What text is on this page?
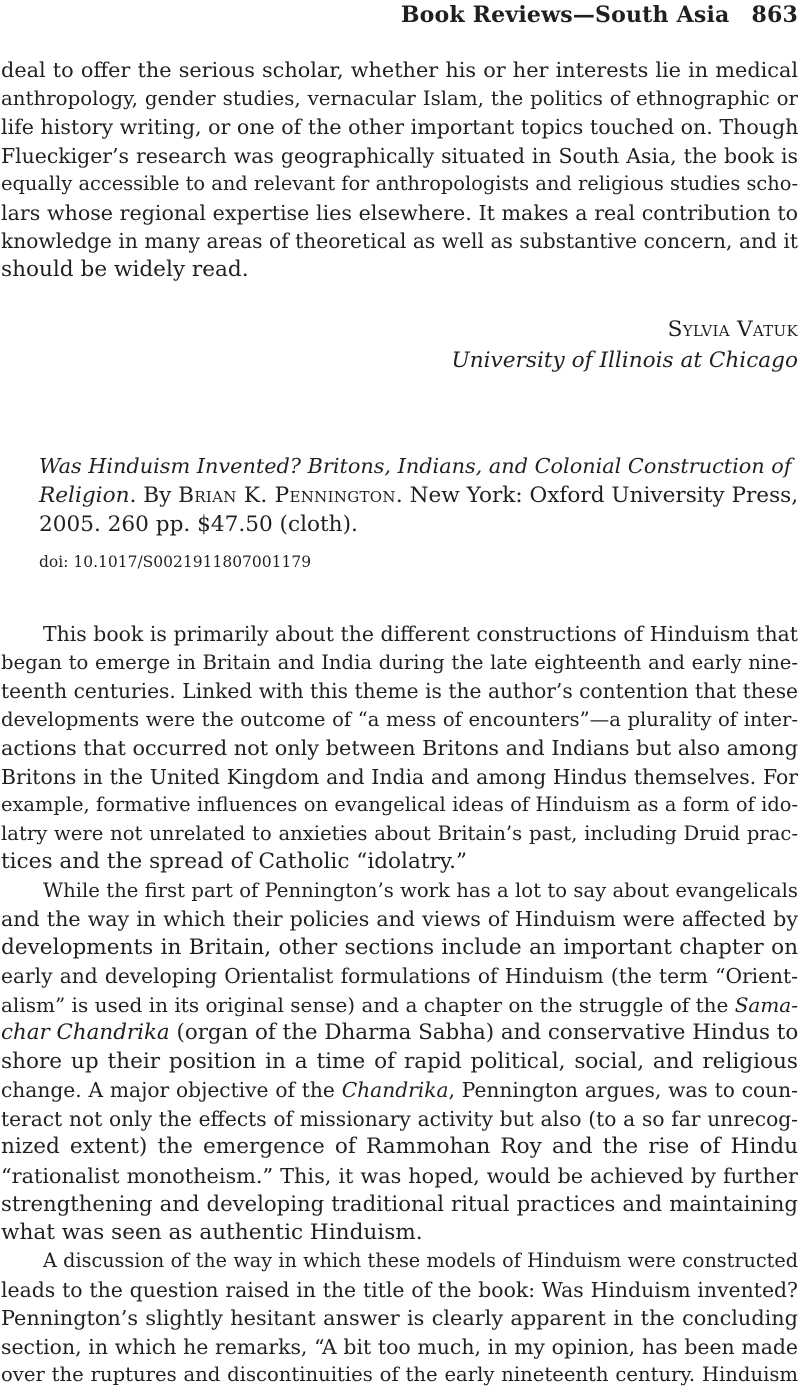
Book Reviews—South Asia 863
deal to offer the serious scholar, whether his or her interests lie in medical
anthropology, gender studies, vernacular Islam, the politics of ethnographic or
life history writing, or one of the other important topics touched on. Though
Flueckiger’s research was geographically situated in South Asia, the book is
equally accessible to and relevant for anthropologists and religious studies scho-
lars whose regional expertise lies elsewhere. It makes a real contribution to
knowledge in many areas of theoretical as well as substantive concern, and it
should be widely read.
Sylvia Vatuk
University of Illinois at Chicago
Was Hinduism Invented? Britons, Indians, and Colonial Construction of
Religion. By Brian K. Pennington. New York: Oxford University Press,
2005. 260 pp. $47.50 (cloth).
doi: 10.1017/S0021911807001179
This book is primarily about the different constructions of Hinduism that
began to emerge in Britain and India during the late eighteenth and early nine-
teenth centuries. Linked with this theme is the author’s contention that these
developments were the outcome of “a mess of encounters”—a plurality of inter-
actions that occurred not only between Britons and Indians but also among
Britons in the United Kingdom and India and among Hindus themselves. For
example, formative influences on evangelical ideas of Hinduism as a form of ido-
latry were not unrelated to anxieties about Britain’s past, including Druid prac-
tices and the spread of Catholic “idolatry.”
While the first part of Pennington’s work has a lot to say about evangelicals
and the way in which their policies and views of Hinduism were affected by
developments in Britain, other sections include an important chapter on
early and developing Orientalist formulations of Hinduism (the term “Orient-
alism” is used in its original sense) and a chapter on the struggle of the Sama-
char Chandrika (organ of the Dharma Sabha) and conservative Hindus to
shore up their position in a time of rapid political, social, and religious
change. A major objective of the Chandrika, Pennington argues, was to coun-
teract not only the effects of missionary activity but also (to a so far unrecog-
nized extent) the emergence of Rammohan Roy and the rise of Hindu
“rationalist monotheism.” This, it was hoped, would be achieved by further
strengthening and developing traditional ritual practices and maintaining
what was seen as authentic Hinduism.
A discussion of the way in which these models of Hinduism were constructed
leads to the question raised in the title of the book: Was Hinduism invented?
Pennington’s slightly hesitant answer is clearly apparent in the concluding
section, in which he remarks, “A bit too much, in my opinion, has been made
over the ruptures and discontinuities of the early nineteenth century. Hinduism
